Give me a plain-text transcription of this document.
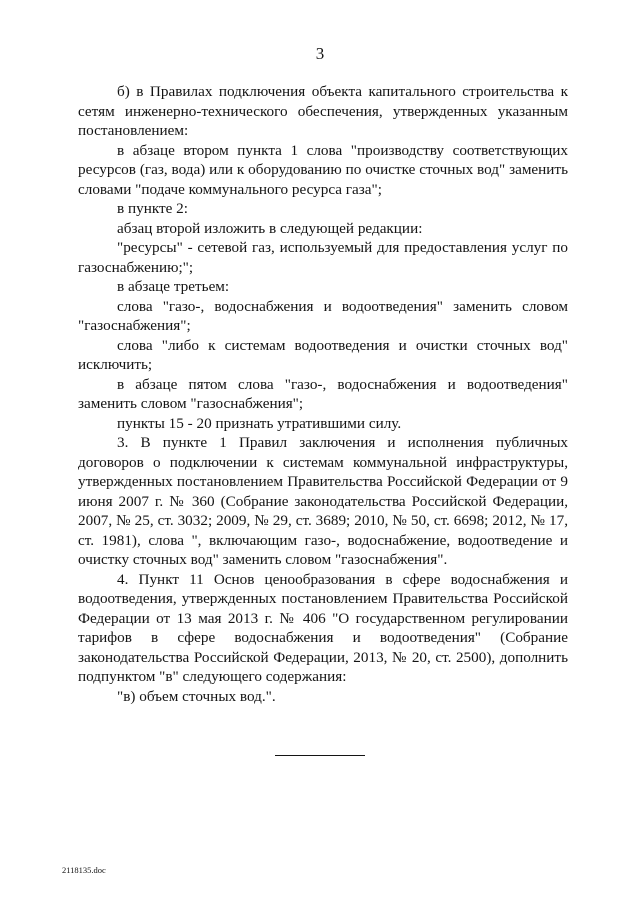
3

б) в Правилах подключения объекта капитального строительства к сетям инженерно-технического обеспечения, утвержденных указанным постановлением:

в абзаце втором пункта 1 слова "производству соответствующих ресурсов (газ, вода) или к оборудованию по очистке сточных вод" заменить словами "подаче коммунального ресурса газа";

в пункте 2:

абзац второй изложить в следующей редакции:

"ресурсы" - сетевой газ, используемый для предоставления услуг по газоснабжению;";

в абзаце третьем:

слова "газо-, водоснабжения и водоотведения" заменить словом "газоснабжения";

слова "либо к системам водоотведения и очистки сточных вод" исключить;

в абзаце пятом слова "газо-, водоснабжения и водоотведения" заменить словом "газоснабжения";

пункты 15 - 20 признать утратившими силу.

3. В пункте 1 Правил заключения и исполнения публичных договоров о подключении к системам коммунальной инфраструктуры, утвержденных постановлением Правительства Российской Федерации от 9 июня 2007 г. № 360 (Собрание законодательства Российской Федерации, 2007, № 25, ст. 3032; 2009, № 29, ст. 3689; 2010, № 50, ст. 6698; 2012, № 17, ст. 1981), слова ", включающим газо-, водоснабжение, водоотведение и очистку сточных вод" заменить словом "газоснабжения".

4. Пункт 11 Основ ценообразования в сфере водоснабжения и водоотведения, утвержденных постановлением Правительства Российской Федерации от 13 мая 2013 г. № 406 "О государственном регулировании тарифов в сфере водоснабжения и водоотведения" (Собрание законодательства Российской Федерации, 2013, № 20, ст. 2500), дополнить подпунктом "в" следующего содержания:

"в) объем сточных вод.".

2118135.doc
